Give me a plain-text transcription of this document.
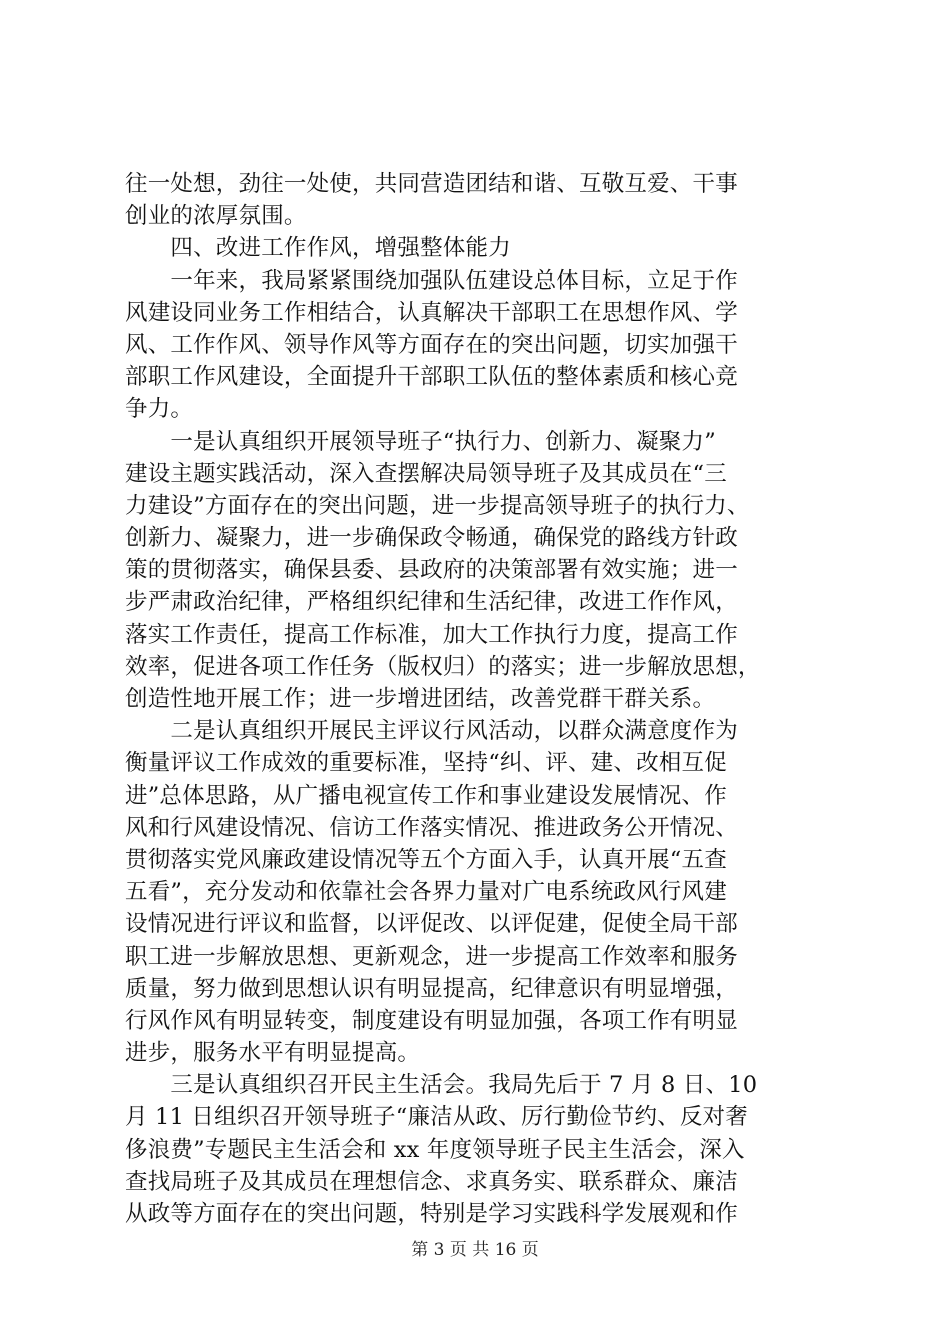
往一处想，劲往一处使，共同营造团结和谐、互敬互爱、干事
创业的浓厚氛围。
　　四、改进工作作风，增强整体能力
　　一年来，我局紧紧围绕加强队伍建设总体目标，立足于作
风建设同业务工作相结合，认真解决干部职工在思想作风、学
风、工作作风、领导作风等方面存在的突出问题，切实加强干
部职工作风建设，全面提升干部职工队伍的整体素质和核心竞
争力。
　　一是认真组织开展领导班子“执行力、创新力、凝聚力”
建设主题实践活动，深入查摆解决局领导班子及其成员在“三
力建设”方面存在的突出问题，进一步提高领导班子的执行力、
创新力、凝聚力，进一步确保政令畅通，确保党的路线方针政
策的贯彻落实，确保县委、县政府的决策部署有效实施；进一
步严肃政治纪律，严格组织纪律和生活纪律，改进工作作风，
落实工作责任，提高工作标准，加大工作执行力度，提高工作
效率，促进各项工作任务（版权归）的落实；进一步解放思想，
创造性地开展工作；进一步增进团结，改善党群干群关系。
　　二是认真组织开展民主评议行风活动，以群众满意度作为
衡量评议工作成效的重要标准，坚持“纠、评、建、改相互促
进”总体思路，从广播电视宣传工作和事业建设发展情况、作
风和行风建设情况、信访工作落实情况、推进政务公开情况、
贯彻落实党风廉政建设情况等五个方面入手，认真开展“五查
五看”，充分发动和依靠社会各界力量对广电系统政风行风建
设情况进行评议和监督，以评促改、以评促建，促使全局干部
职工进一步解放思想、更新观念，进一步提高工作效率和服务
质量，努力做到思想认识有明显提高，纪律意识有明显增强，
行风作风有明显转变，制度建设有明显加强，各项工作有明显
进步，服务水平有明显提高。
　　三是认真组织召开民主生活会。我局先后于 7 月 8 日、10
月 11 日组织召开领导班子“廉洁从政、厉行勤俭节约、反对奢
侈浪费”专题民主生活会和 xx 年度领导班子民主生活会，深入
查找局班子及其成员在理想信念、求真务实、联系群众、廉洁
从政等方面存在的突出问题，特别是学习实践科学发展观和作
第 3 页 共 16 页
